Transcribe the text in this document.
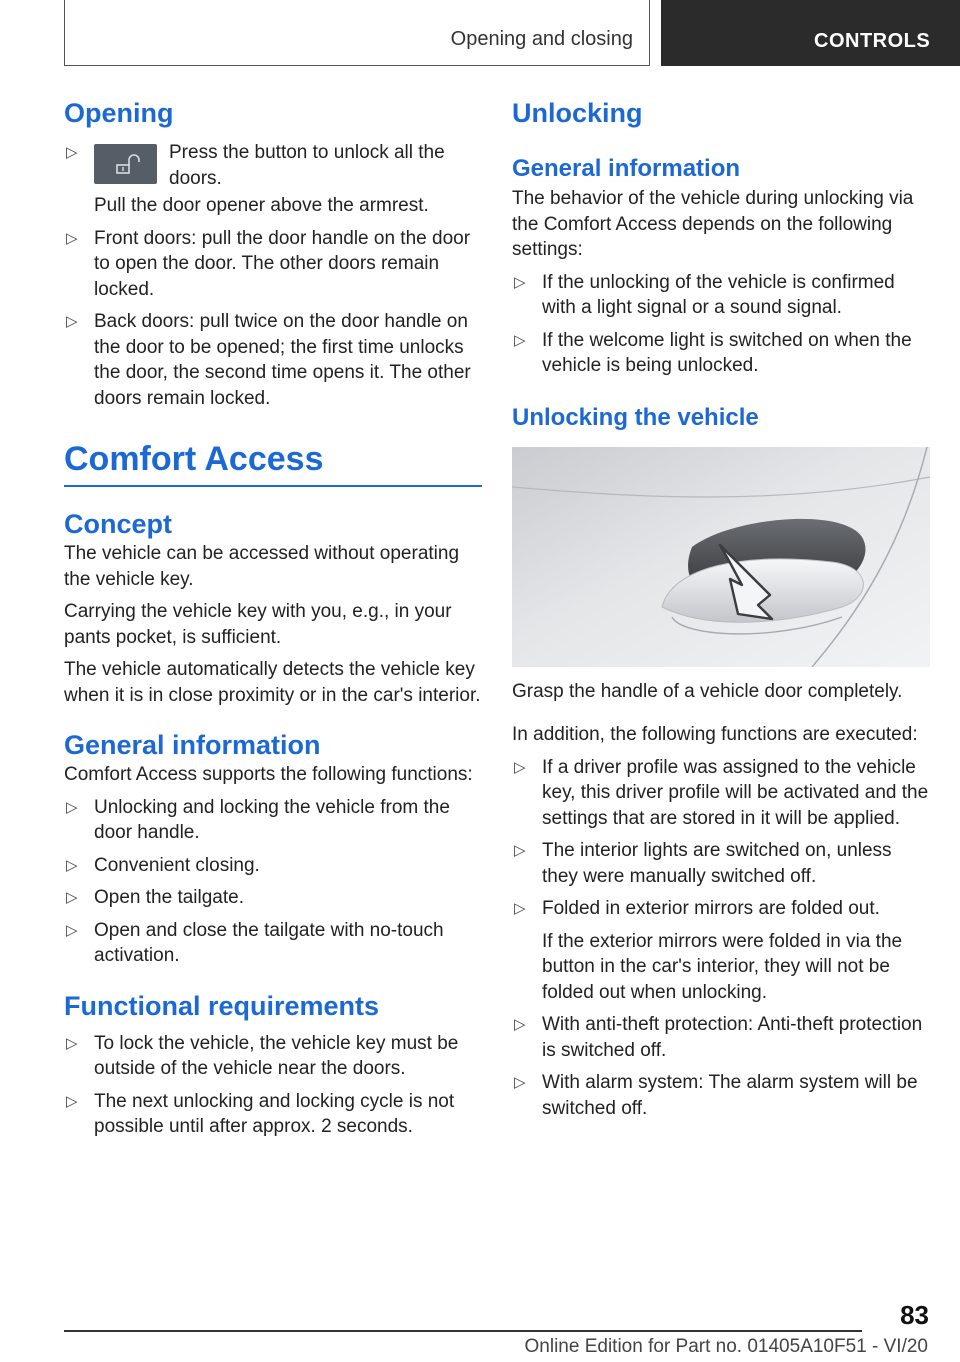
Opening and closing	CONTROLS
Opening
▷	Press the button to unlock all the doors.
Pull the door opener above the armrest.
▷ Front doors: pull the door handle on the door to open the door. The other doors remain locked.
▷ Back doors: pull twice on the door handle on the door to be opened; the first time unlocks the door, the second time opens it. The other doors remain locked.
Comfort Access
Concept

The vehicle can be accessed without operating the vehicle key.

Carrying the vehicle key with you, e.g., in your pants pocket, is sufficient.

The vehicle automatically detects the vehicle key when it is in close proximity or in the car's interior.

General information

Comfort Access supports the following functions:

▷ Unlocking and locking the vehicle from the door handle.
▷ Convenient closing.
▷ Open the tailgate.
▷ Open and close the tailgate with no-touch activation.
Functional requirements
▷ To lock the vehicle, the vehicle key must be outside of the vehicle near the doors.
▷ The next unlocking and locking cycle is not possible until after approx. 2 seconds.
Unlocking
General information

The behavior of the vehicle during unlocking via the Comfort Access depends on the following settings:

▷ If the unlocking of the vehicle is confirmed with a light signal or a sound signal.
▷ If the welcome light is switched on when the vehicle is being unlocked.
Unlocking the vehicle

Grasp the handle of a vehicle door completely.

In addition, the following functions are executed:

▷ If a driver profile was assigned to the vehicle key, this driver profile will be activated and the settings that are stored in it will be applied.
▷ The interior lights are switched on, unless they were manually switched off.
▷ Folded in exterior mirrors are folded out.
If the exterior mirrors were folded in via the button in the car's interior, they will not be folded out when unlocking.
▷ With anti-theft protection: Anti-theft protection is switched off.
▷ With alarm system: The alarm system will be switched off.
83
Online Edition for Part no. 01405A10F51 - VI/20
